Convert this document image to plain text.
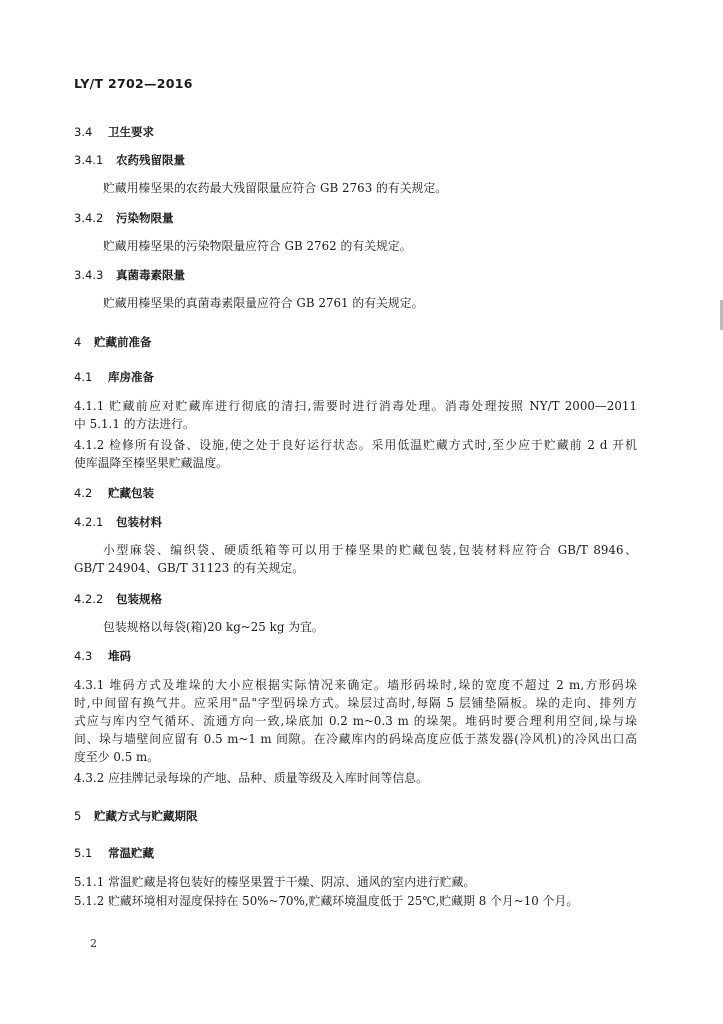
LY/T 2702—2016
3.4 卫生要求
3.4.1 农药残留限量
贮藏用榛坚果的农药最大残留限量应符合 GB 2763 的有关规定。
3.4.2 污染物限量
贮藏用榛坚果的污染物限量应符合 GB 2762 的有关规定。
3.4.3 真菌毒素限量
贮藏用榛坚果的真菌毒素限量应符合 GB 2761 的有关规定。
4 贮藏前准备
4.1 库房准备
4.1.1 贮藏前应对贮藏库进行彻底的清扫,需要时进行消毒处理。消毒处理按照 NY/T 2000—2011
中 5.1.1 的方法进行。
4.1.2 检修所有设备、设施,使之处于良好运行状态。采用低温贮藏方式时,至少应于贮藏前 2 d 开机
使库温降至榛坚果贮藏温度。
4.2 贮藏包装
4.2.1 包装材料
小型麻袋、编织袋、硬质纸箱等可以用于榛坚果的贮藏包装,包装材料应符合 GB/T 8946、
GB/T 24904、GB/T 31123 的有关规定。
4.2.2 包装规格
包装规格以每袋(箱)20 kg~25 kg 为宜。
4.3 堆码
4.3.1 堆码方式及堆垛的大小应根据实际情况来确定。墙形码垛时,垛的宽度不超过 2 m,方形码垛
时,中间留有换气井。应采用"品"字型码垛方式。垛层过高时,每隔 5 层铺垫隔板。垛的走向、排列方
式应与库内空气循环、流通方向一致,垛底加 0.2 m~0.3 m 的垛架。堆码时要合理利用空间,垛与垛
间、垛与墙壁间应留有 0.5 m~1 m 间隙。在冷藏库内的码垛高度应低于蒸发器(冷风机)的冷风出口高
度至少 0.5 m。
4.3.2 应挂牌记录每垛的产地、品种、质量等级及入库时间等信息。
5 贮藏方式与贮藏期限
5.1 常温贮藏
5.1.1 常温贮藏是将包装好的榛坚果置于干燥、阴凉、通风的室内进行贮藏。
5.1.2 贮藏环境相对湿度保持在 50%~70%,贮藏环境温度低于 25℃,贮藏期 8 个月~10 个月。
2
